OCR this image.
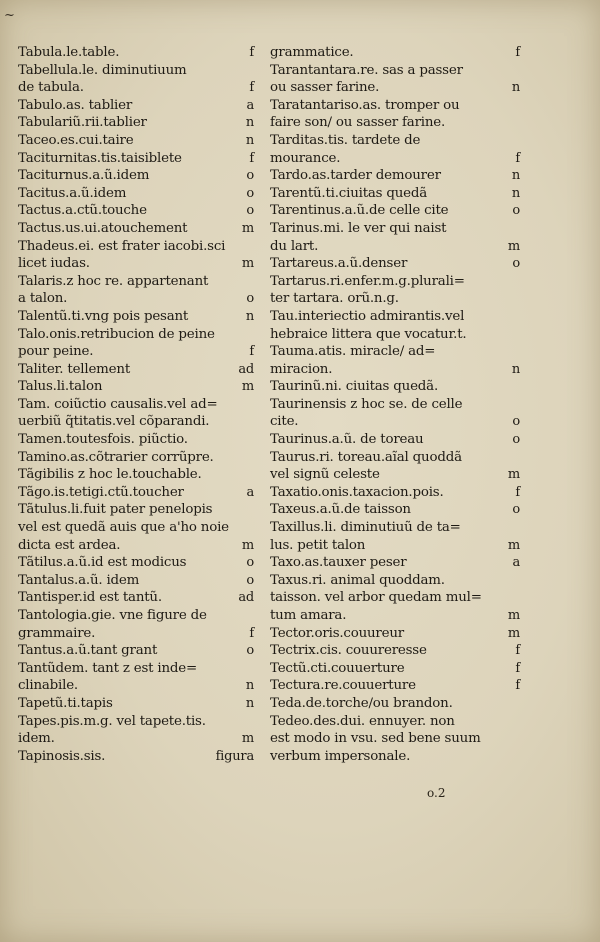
~
Tabula.le.table.	f
Tabellula.le. diminutiuum
de tabula.	f
Tabulo.as. tablier	a
Tabulariũ.rii.tablier	n
Taceo.es.cui.taire	n
Taciturnitas.tis.taisiblete	f
Taciturnus.a.ũ.idem	o
Tacitus.a.ũ.idem	o
Tactus.a.ctũ.touche	o
Tactus.us.ui.atouchement	m
Thadeus.ei. est frater iacobi.sci
licet iudas.	m
Talaris.z hoc re. appartenant
a talon.	o
Talentũ.ti.vng pois pesant	n
Talo.onis.retribucion de peine
pour peine.	f
Taliter. tellement	ad
Talus.li.talon	m
Tam. coiũctio causalis.vel ad=
uerbiũ q̃titatis.vel cõparandi.
Tamen.toutesfois. piũctio.
Tamino.as.cõtrarier corrũpre.
Tãgibilis z hoc le.touchable.
Tãgo.is.tetigi.ctũ.toucher	a
Tãtulus.li.fuit pater penelopis
vel est quedã auis que a'ho noie
dicta est ardea.	m
Tãtilus.a.ũ.id est modicus	o
Tantalus.a.ũ. idem	o
Tantisper.id est tantũ.	ad
Tantologia.gie. vne figure de
grammaire.	f
Tantus.a.ũ.tant grant	o
Tantũdem. tant z est inde=
clinabile.	n
Tapetũ.ti.tapis	n
Tapes.pis.m.g. vel tapete.tis.
idem.	m
Tapinosis.sis.	figura
grammatice.	f
Tarantantara.re. sas a passer
ou sasser farine.	n
Taratantariso.as. tromper ou
faire son/ ou sasser farine.
Tarditas.tis. tardete de
mourance.	f
Tardo.as.tarder demourer	n
Tarentũ.ti.ciuitas quedã	n
Tarentinus.a.ũ.de celle cite	o
Tarinus.mi. le ver qui naist
du lart.	m
Tartareus.a.ũ.denser	o
Tartarus.ri.enfer.m.g.plurali=
ter tartara. orũ.n.g.
Tau.interiectio admirantis.vel
hebraice littera que vocatur.t.
Tauma.atis. miracle/ ad=
miracion.	n
Taurinũ.ni. ciuitas quedã.
Taurinensis z hoc se. de celle
cite.	o
Taurinus.a.ũ. de toreau	o
Taurus.ri. toreau.aĩal quoddã
vel signũ celeste	m
Taxatio.onis.taxacion.pois.	f
Taxeus.a.ũ.de taisson	o
Taxillus.li. diminutiuũ de ta=
lus. petit talon	m
Taxo.as.tauxer peser	a
Taxus.ri. animal quoddam.
taisson. vel arbor quedam mul=
tum amara.	m
Tector.oris.couureur	m
Tectrix.cis. couureresse	f
Tectũ.cti.couuerture	f
Tectura.re.couuerture	f
Teda.de.torche/ou brandon.
Tedeo.des.dui. ennuyer. non
est modo in vsu. sed bene suum
verbum impersonale.
o.2
